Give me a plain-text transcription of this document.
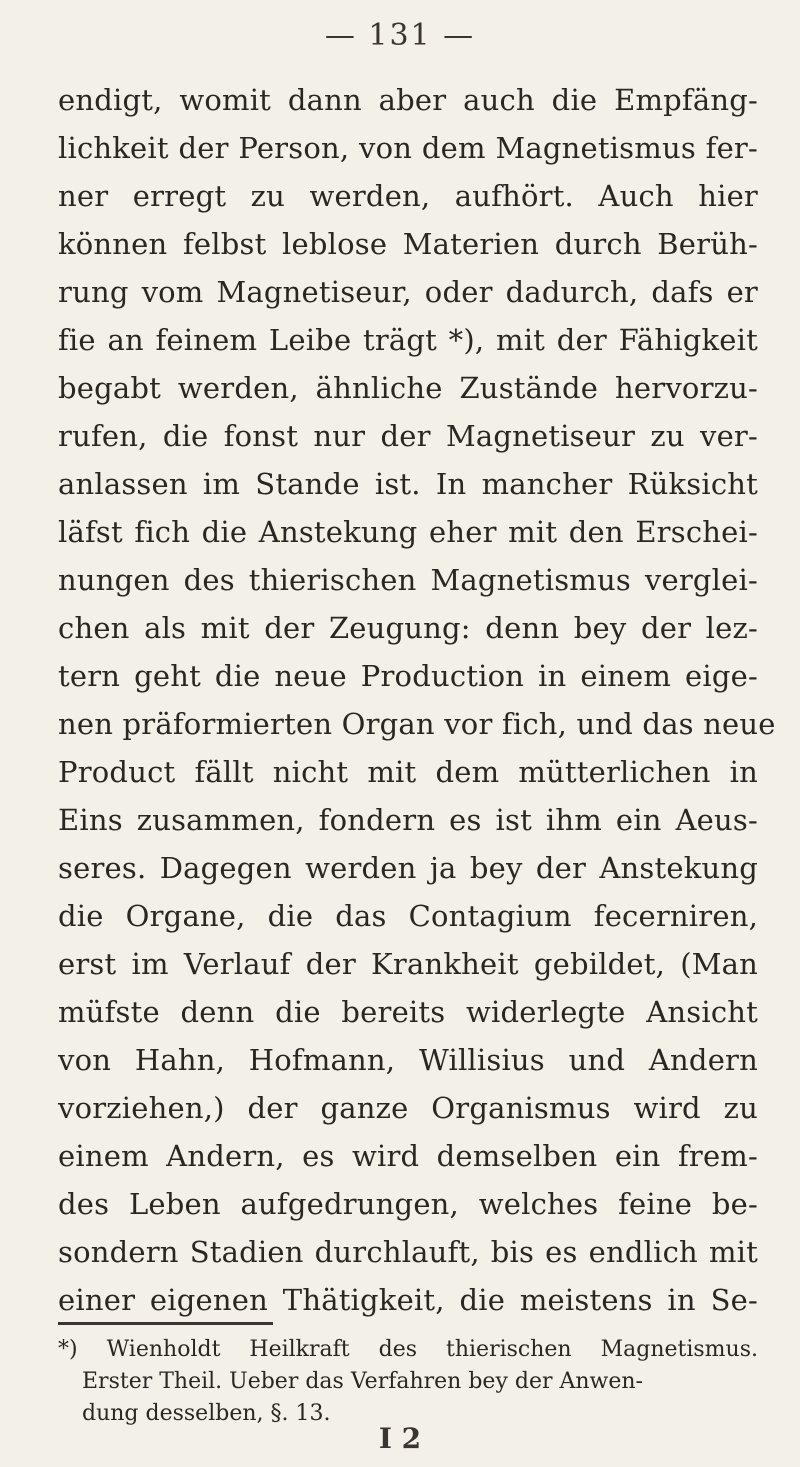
— 131 —
endigt, womit dann aber auch die Empfäng-
lichkeit der Person, von dem Magnetismus fer-
ner erregt zu werden, aufhört. Auch hier
können felbst leblose Materien durch Berüh-
rung vom Magnetiseur, oder dadurch, dafs er
fie an feinem Leibe trägt *), mit der Fähigkeit
begabt werden, ähnliche Zustände hervorzu-
rufen, die fonst nur der Magnetiseur zu ver-
anlassen im Stande ist. In mancher Rüksicht
läfst fich die Anstekung eher mit den Erschei-
nungen des thierischen Magnetismus verglei-
chen als mit der Zeugung: denn bey der lez-
tern geht die neue Production in einem eige-
nen präformierten Organ vor fich, und das neue
Product fällt nicht mit dem mütterlichen in
Eins zusammen, fondern es ist ihm ein Aeus-
seres. Dagegen werden ja bey der Anstekung
die Organe, die das Contagium fecerniren,
erst im Verlauf der Krankheit gebildet, (Man
müfste denn die bereits widerlegte Ansicht
von Hahn, Hofmann, Willisius und Andern
vorziehen,) der ganze Organismus wird zu
einem Andern, es wird demselben ein frem-
des Leben aufgedrungen, welches feine be-
sondern Stadien durchlauft, bis es endlich mit
einer eigenen Thätigkeit, die meistens in Se-
*) Wienholdt Heilkraft des thierischen Magnetismus.
Erster Theil. Ueber das Verfahren bey der Anwen-
dung desselben, §. 13.
I 2
